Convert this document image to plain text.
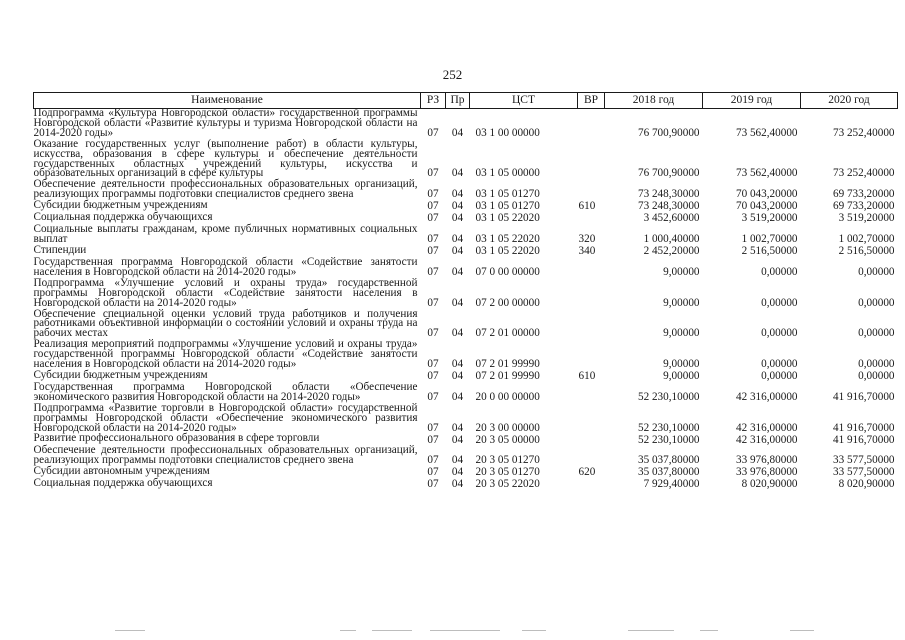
252
Наименование	РЗ	Пр	ЦСТ	ВР	2018 год	2019 год	2020 год

Подпрограмма «Культура Новгородской области» государственной программы Новгородской области «Развитие культуры и туризма Новгородской области на 2014-2020 годы»	07	04	03 1 00 00000		76 700,90000	73 562,40000	73 252,40000

Оказание государственных услуг (выполнение работ) в области культуры, искусства, образования в сфере культуры и обеспечение деятельности государственных областных учреждений культуры, искусства и образовательных организаций в сфере культуры	07	04	03 1 05 00000		76 700,90000	73 562,40000	73 252,40000

Обеспечение деятельности профессиональных образовательных организаций, реализующих программы подготовки специалистов среднего звена	07	04	03 1 05 01270		73 248,30000	70 043,20000	69 733,20000

Субсидии бюджетным учреждениям	07	04	03 1 05 01270	610	73 248,30000	70 043,20000	69 733,20000

Социальная поддержка обучающихся	07	04	03 1 05 22020		3 452,60000	3 519,20000	3 519,20000

Социальные выплаты гражданам, кроме публичных нормативных социальных выплат	07	04	03 1 05 22020	320	1 000,40000	1 002,70000	1 002,70000

Стипендии	07	04	03 1 05 22020	340	2 452,20000	2 516,50000	2 516,50000

Государственная программа Новгородской области «Содействие занятости населения в Новгородской области на 2014-2020 годы»	07	04	07 0 00 00000		9,00000	0,00000	0,00000

Подпрограмма «Улучшение условий и охраны труда» государственной программы Новгородской области «Содействие занятости населения в Новгородской области на 2014-2020 годы»	07	04	07 2 00 00000		9,00000	0,00000	0,00000

Обеспечение специальной оценки условий труда работников и получения работниками объективной информации о состоянии условий и охраны труда на рабочих местах	07	04	07 2 01 00000		9,00000	0,00000	0,00000

Реализация мероприятий подпрограммы «Улучшение условий и охраны труда» государственной программы Новгородской области «Содействие занятости населения в Новгородской области на 2014-2020 годы»	07	04	07 2 01 99990		9,00000	0,00000	0,00000

Субсидии бюджетным учреждениям	07	04	07 2 01 99990	610	9,00000	0,00000	0,00000

Государственная программа Новгородской области «Обеспечение экономического развития Новгородской области на 2014-2020 годы»	07	04	20 0 00 00000		52 230,10000	42 316,00000	41 916,70000

Подпрограмма «Развитие торговли в Новгородской области» государственной программы Новгородской области «Обеспечение экономического развития Новгородской области на 2014-2020 годы»	07	04	20 3 00 00000		52 230,10000	42 316,00000	41 916,70000

Развитие профессионального образования в сфере торговли	07	04	20 3 05 00000		52 230,10000	42 316,00000	41 916,70000

Обеспечение деятельности профессиональных образовательных организаций, реализующих программы подготовки специалистов среднего звена	07	04	20 3 05 01270		35 037,80000	33 976,80000	33 577,50000

Субсидии автономным учреждениям	07	04	20 3 05 01270	620	35 037,80000	33 976,80000	33 577,50000

Социальная поддержка обучающихся	07	04	20 3 05 22020		7 929,40000	8 020,90000	8 020,90000
